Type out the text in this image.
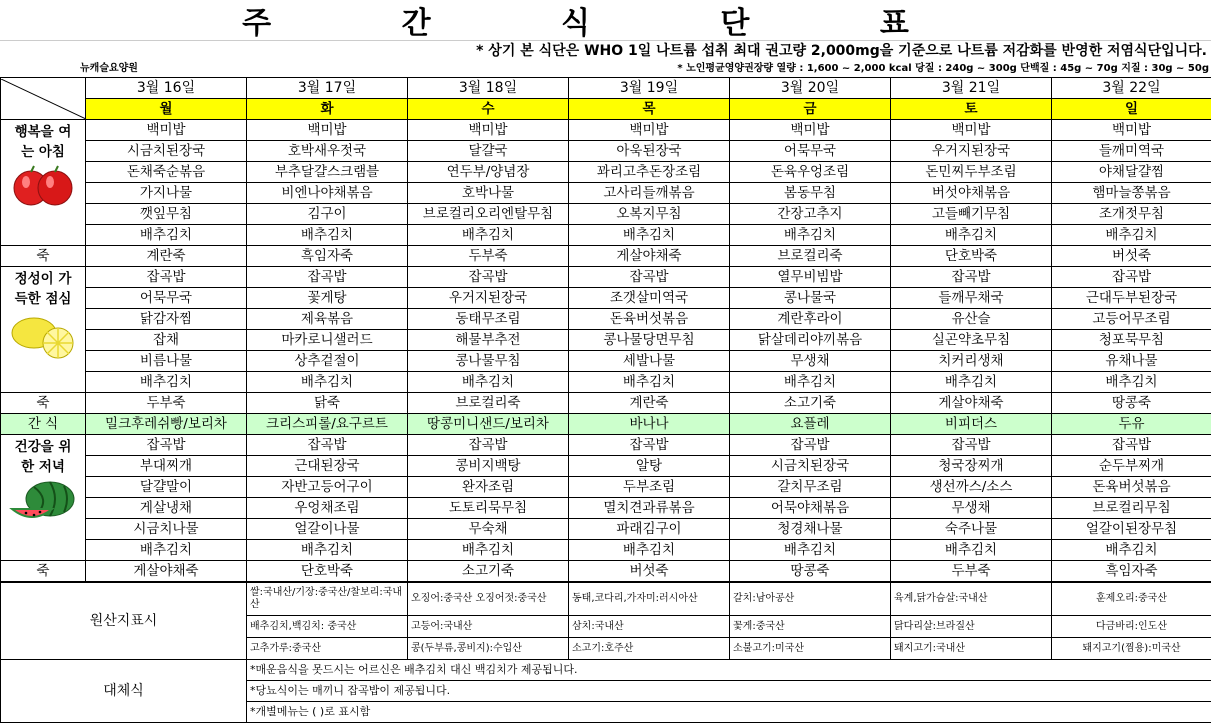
주 간 식 단 표
* 상기 본 식단은 WHO 1일 나트륨 섭취 최대 권고량 2,000mg을 기준으로 나트륨 저감화를 반영한 저염식단입니다.
뉴캐슬요양원	* 노인평균영양권장량 열량 : 1,600 ~ 2,000 kcal 당질 : 240g ~ 300g 단백질 : 45g ~ 70g 지질 : 30g ~ 50g
	3월 16일	3월 17일	3월 18일	3월 19일	3월 20일	3월 21일	3월 22일
	월	화	수	목	금	토	일

행복을 여는 아침	백미밥	백미밥	백미밥	백미밥	백미밥	백미밥	백미밥
	시금치된장국	호박새우젓국	달걀국	아욱된장국	어묵무국	우거지된장국	들깨미역국
	돈채죽순볶음	부추달걀스크램블	연두부/양념장	꽈리고추돈장조림	돈육우엉조림	돈민찌두부조림	야채달걀찜
	가지나물	비엔나야채볶음	호박나물	고사리들깨볶음	봄동무침	버섯야채볶음	햄마늘쫑볶음
	깻잎무침	김구이	브로컬리오리엔탈무침	오복지무침	간장고추지	고들빼기무침	조개젓무침
	배추김치	배추김치	배추김치	배추김치	배추김치	배추김치	배추김치
죽	계란죽	흑임자죽	두부죽	게살야채죽	브로컬리죽	단호박죽	버섯죽

정성이 가득한 점심	잡곡밥	잡곡밥	잡곡밥	잡곡밥	열무비빔밥	잡곡밥	잡곡밥
	어묵무국	꽃게탕	우거지된장국	조갯살미역국	콩나물국	들깨무채국	근대두부된장국
	닭감자찜	제육볶음	동태무조림	돈육버섯볶음	계란후라이	유산슬	고등어무조림
	잡채	마카로니샐러드	해물부추전	콩나물당면무침	닭살데리야끼볶음	실곤약초무침	청포묵무침
	비름나물	상추겉절이	콩나물무침	세발나물	무생채	치커리생채	유채나물
	배추김치	배추김치	배추김치	배추김치	배추김치	배추김치	배추김치
죽	두부죽	닭죽	브로컬리죽	계란죽	소고기죽	게살야채죽	땅콩죽
간 식	밀크후레쉬빵/보리차	크리스피롤/요구르트	땅콩미니샌드/보리차	바나나	요플레	비피더스	두유

건강을 위한 저녁	잡곡밥	잡곡밥	잡곡밥	잡곡밥	잡곡밥	잡곡밥	잡곡밥
	부대찌개	근대된장국	콩비지백탕	알탕	시금치된장국	청국장찌개	순두부찌개
	달걀말이	자반고등어구이	완자조림	두부조림	갈치무조림	생선까스/소스	돈육버섯볶음
	게살냉채	우엉채조림	도토리묵무침	멸치견과류볶음	어묵야채볶음	무생채	브로컬리무침
	시금치나물	얼갈이나물	무숙채	파래김구이	청경채나물	숙주나물	얼갈이된장무침
	배추김치	배추김치	배추김치	배추김치	배추김치	배추김치	배추김치
죽	게살야채죽	단호박죽	소고기죽	버섯죽	땅콩죽	두부죽	흑임자죽
원산지표시	쌀:국내산/기장:중국산/찰보리:국내산	오징어:중국산 오징어젓:중국산	동태,코다리,가자미:러시아산	갈치:남아공산	육계,닭가슴살:국내산	훈제오리:중국산
	배추김치,백김치: 중국산	고등어:국내산	삼치:국내산	꽃게:중국산	닭다리살:브라질산	다금바리:인도산
	고추가루:중국산	콩(두부류,콩비지):수입산	소고기:호주산	소불고기:미국산	돼지고기:국내산	돼지고기(찜용):미국산
대체식	*매운음식을 못드시는 어르신은 배추김치 대신 백김치가 제공됩니다.					
	*당뇨식이는 매끼니 잡곡밥이 제공됩니다.					
	*개별메뉴는 ( )로 표시함					
